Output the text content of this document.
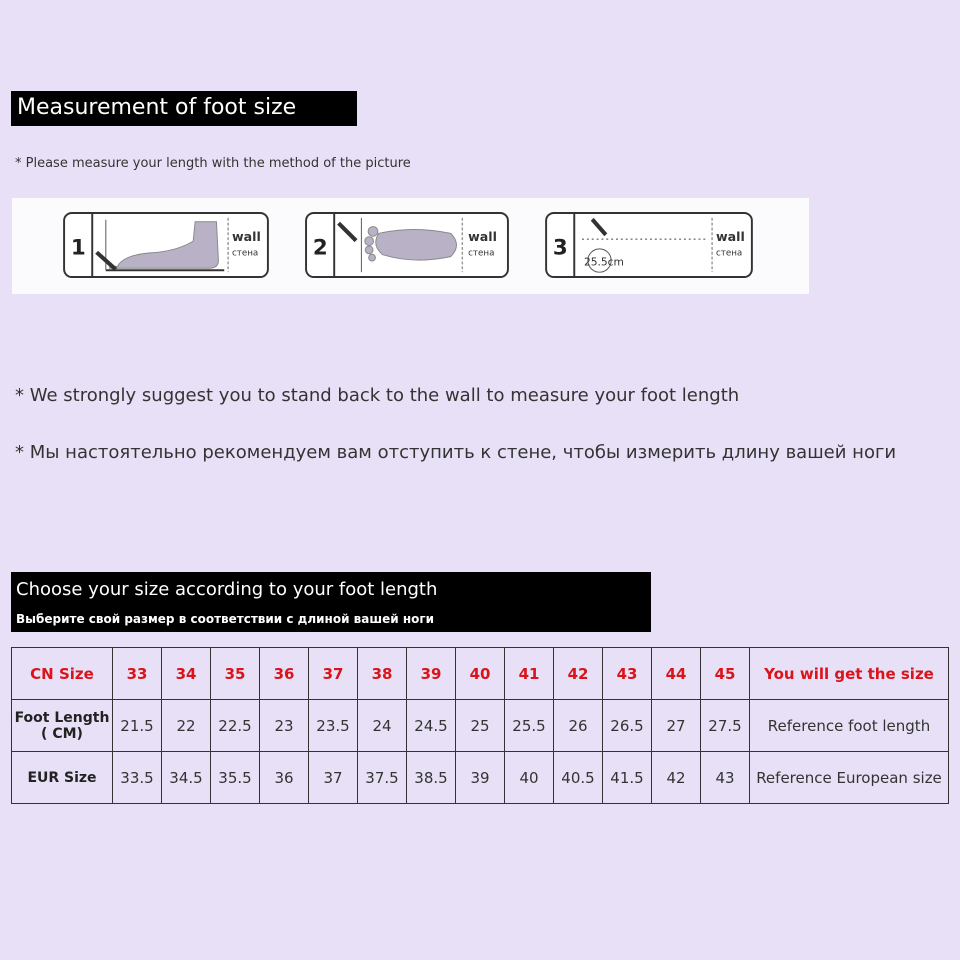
Measurement of foot size
* Please measure your length with the method of the picture
1	wall
стена 2	wall
стена	3
25.5cm
wall
стена
* We strongly suggest you to stand back to the wall to measure your foot length
* Мы настоятельно рекомендуем вам отступить к стене, чтобы измерить длину вашей ноги
Choose your size according to your foot length
Выберите свой размер в соответствии с длиной вашей ноги
CN Size	33	34	35	36	37	38	39	40	41	42	43	44	45	You will get the size
Foot Length
( CM)	21.5	22	22.5	23	23.5	24	24.5	25	25.5	26	26.5	27	27.5	Reference foot length
EUR Size	33.5	34.5	35.5	36	37	37.5	38.5	39	40	40.5	41.5	42	43	Reference European size
